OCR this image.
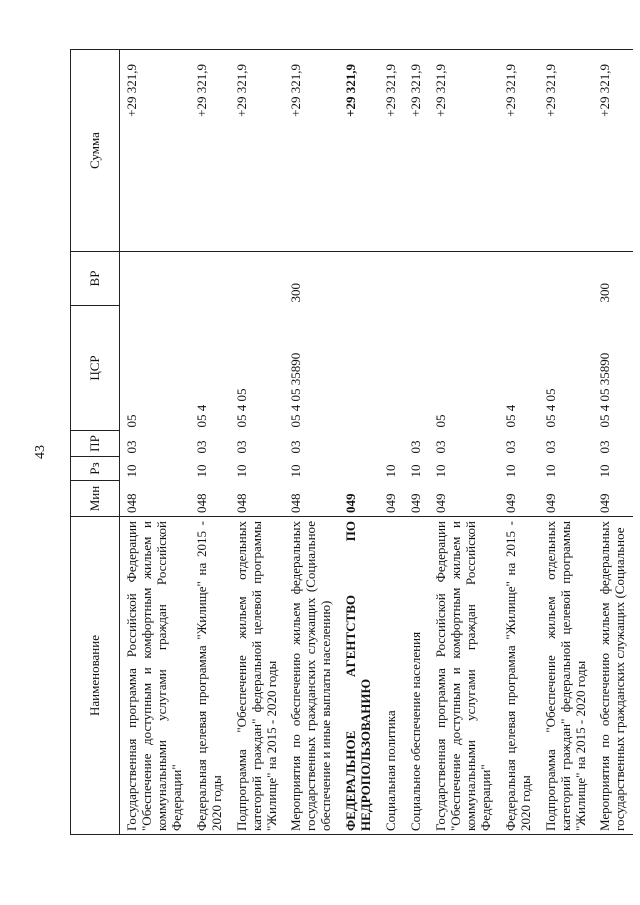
43
Наименование	Мин	Рз	ПР	ЦСР	ВР	Сумма
Государственная программа Российской Федерации "Обеспечение доступным и комфортным жильем и коммунальными услугами граждан Российской Федерации"	048	10	03	05		+29 321,9
Федеральная целевая программа "Жилище" на 2015 - 2020 годы	048	10	03	05 4		+29 321,9
Подпрограмма "Обеспечение жильем отдельных категорий граждан" федеральной целевой программы "Жилище" на 2015 - 2020 годы	048	10	03	05 4 05		+29 321,9
Мероприятия по обеспечению жильем федеральных государственных гражданских служащих (Социальное обеспечение и иные выплаты населению)	048	10	03	05 4 05 35890	300	+29 321,9
ФЕДЕРАЛЬНОЕ АГЕНТСТВО ПО НЕДРОПОЛЬЗОВАНИЮ	049					+29 321,9
Социальная политика	049	10				+29 321,9
Социальное обеспечение населения	049	10	03			+29 321,9
Государственная программа Российской Федерации "Обеспечение доступным и комфортным жильем и коммунальными услугами граждан Российской Федерации"	049	10	03	05		+29 321,9
Федеральная целевая программа "Жилище" на 2015 - 2020 годы	049	10	03	05 4		+29 321,9
Подпрограмма "Обеспечение жильем отдельных категорий граждан" федеральной целевой программы "Жилище" на 2015 - 2020 годы	049	10	03	05 4 05		+29 321,9
Мероприятия по обеспечению жильем федеральных государственных гражданских служащих (Социальное	049	10	03	05 4 05 35890	300	+29 321,9
